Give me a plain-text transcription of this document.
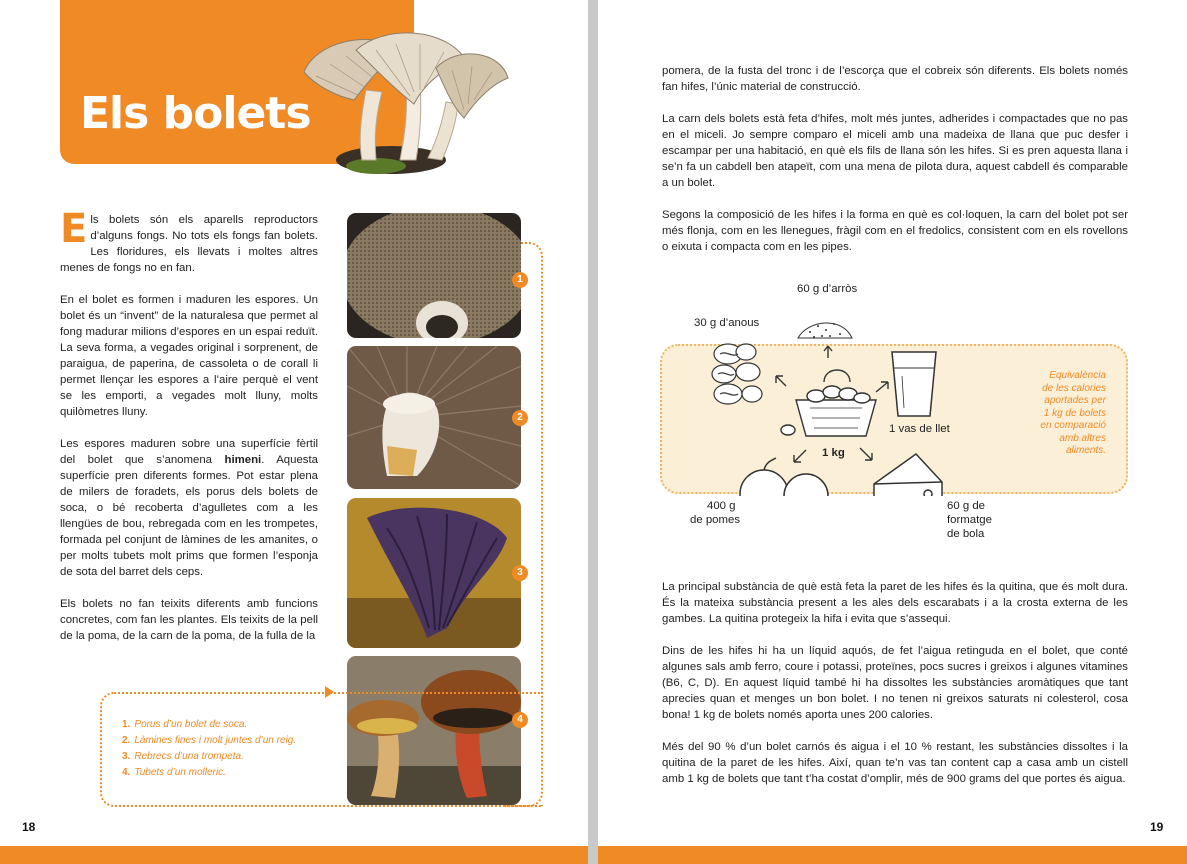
Els bolets

Els bolets són els aparells reproductors d’alguns fongs. No tots els fongs fan bolets. Les floridures, els llevats i moltes altres menes de fongs no en fan.

En el bolet es formen i maduren les espores. Un bolet és un “invent” de la naturalesa que permet al fong madurar milions d’espores en un espai reduït. La seva forma, a vegades original i sorprenent, de paraigua, de paperina, de cassoleta o de corall li permet llençar les espores a l’aire perquè el vent se les emporti, a vegades molt lluny, molts quilòmetres lluny.

Les espores maduren sobre una superfície fèrtil del bolet que s’anomena himeni. Aquesta superfície pren diferents formes. Pot estar plena de milers de foradets, els porus dels bolets de soca, o bé recoberta d’agulletes com a les llengües de bou, rebregada com en les trompetes, formada pel conjunt de làmines de les amanites, o per molts tubets molt prims que formen l’esponja de sota del barret dels ceps.

Els bolets no fan teixits diferents amb funcions concretes, com fan les plantes. Els teixits de la pell de la poma, de la carn de la poma, de la fulla de la

1
2
3
4
1. Porus d’un bolet de soca.
2. Làmines fines i molt juntes d’un reig.
3. Rebrecs d’una trompeta.
4. Tubets d’un molleric.
18

pomera, de la fusta del tronc i de l’escorça que el cobreix són diferents. Els bolets només fan hifes, l’únic material de construcció.

La carn dels bolets està feta d’hifes, molt més juntes, adherides i compactades que no pas en el miceli. Jo sempre comparo el miceli amb una madeixa de llana que puc desfer i escampar per una habitació, en què els fils de llana són les hifes. Si es pren aquesta llana i se’n fa un cabdell ben atapeït, com una mena de pilota dura, aquest cabdell és comparable a un bolet.

Segons la composició de les hifes i la forma en què es col·loquen, la carn del bolet pot ser més flonja, com en les llenegues, fràgil com en el fredolics, consistent com en els rovellons o eixuta i compacta com en les pipes.

60 g d’arròs
30 g d’anous
1 vas de llet
1 kg
400 g
de pomes
60 g de
formatge
de bola
Equivalència
de les calories
aportades per
1 kg de bolets
en comparació
amb altres
aliments.

La principal substància de què està feta la paret de les hifes és la quitina, que és molt dura. És la mateixa substància present a les ales dels escarabats i a la crosta externa de les gambes. La quitina protegeix la hifa i evita que s’assequi.

Dins de les hifes hi ha un líquid aquós, de fet l’aigua retinguda en el bolet, que conté algunes sals amb ferro, coure i potassi, proteïnes, pocs sucres i greixos i algunes vitamines (B6, C, D). En aquest líquid també hi ha dissoltes les substàncies aromàtiques que tant aprecies quan et menges un bon bolet. I no tenen ni greixos saturats ni colesterol, cosa bona! 1 kg de bolets només aporta unes 200 calories.

Més del 90 % d’un bolet carnós és aigua i el 10 % restant, les substàncies dissoltes i la quitina de la paret de les hifes. Així, quan te’n vas tan content cap a casa amb un cistell amb 1 kg de bolets que tant t’ha costat d’omplir, més de 900 grams del que portes és aigua.

19
